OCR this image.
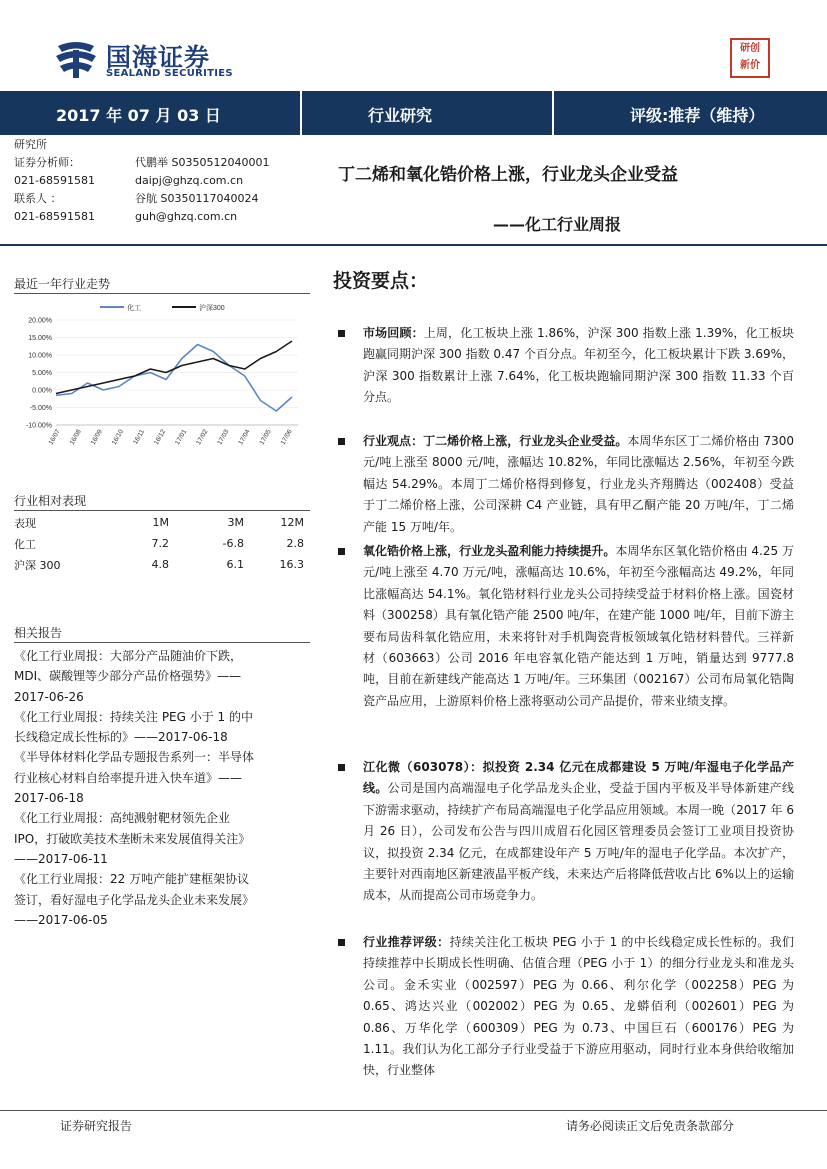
国海证券
SEALAND SECURITIES
研创
新价
2017 年 07 月 03 日	行业研究	评级:推荐（维持）
研究所
证券分析师：	代鹏举 S0350512040001
021-68591581	daipj@ghzq.com.cn
联系人 ：	谷航 S0350117040024
021-68591581	guh@ghzq.com.cn
丁二烯和氧化锆价格上涨，行业龙头企业受益
——化工行业周报
最近一年行业走势
化工	沪深300
20.00%
15.00%
10.00%
5.00%
0.00%
-5.00%
-10.00%
16/07 16/08 16/09 16/10 16/11 16/12 17/01 17/02 17/03 17/04 17/05 17/06
行业相对表现
表现	1M	3M	12M
化工	7.2	-6.8	2.8
沪深 300	4.8	6.1	16.3
相关报告
《化工行业周报：大部分产品随油价下跌，
MDI、碳酸锂等少部分产品价格强势》——
2017-06-26
《化工行业周报：持续关注 PEG 小于 1 的中
长线稳定成长性标的》——2017-06-18
《半导体材料化学品专题报告系列一：半导体
行业核心材料自给率提升进入快车道》——
2017-06-18
《化工行业周报：高纯溅射靶材领先企业
IPO，打破欧美技术垄断未来发展值得关注》
——2017-06-11
《化工行业周报：22 万吨产能扩建框架协议
签订，看好湿电子化学品龙头企业未来发展》
——2017-06-05
投资要点：
市场回顾：上周，化工板块上涨 1.86%，沪深 300 指数上涨 1.39%，化工板块跑赢同期沪深 300 指数 0.47 个百分点。年初至今，化工板块累计下跌 3.69%，沪深 300 指数累计上涨 7.64%，化工板块跑输同期沪深 300 指数 11.33 个百分点。
行业观点：丁二烯价格上涨，行业龙头企业受益。本周华东区丁二烯价格由 7300 元/吨上涨至 8000 元/吨，涨幅达 10.82%，年同比涨幅达 2.56%，年初至今跌幅达 54.29%。本周丁二烯价格得到修复，行业龙头齐翔腾达（002408）受益于丁二烯价格上涨，公司深耕 C4 产业链，具有甲乙酮产能 20 万吨/年，丁二烯产能 15 万吨/年。
氧化锆价格上涨，行业龙头盈利能力持续提升。本周华东区氧化锆价格由 4.25 万元/吨上涨至 4.70 万元/吨，涨幅高达 10.6%，年初至今涨幅高达 49.2%，年同比涨幅高达 54.1%。氧化锆材料行业龙头公司持续受益于材料价格上涨。国瓷材料（300258）具有氧化锆产能 2500 吨/年，在建产能 1000 吨/年，目前下游主要布局齿科氧化锆应用，未来将针对手机陶瓷背板领域氧化锆材料替代。三祥新材（603663）公司 2016 年电容氧化锆产能达到 1 万吨，销量达到 9777.8 吨，目前在新建线产能高达 1 万吨/年。三环集团（002167）公司布局氧化锆陶瓷产品应用，上游原料价格上涨将驱动公司产品提价，带来业绩支撑。
江化微（603078）：拟投资 2.34 亿元在成都建设 5 万吨/年湿电子化学品产线。公司是国内高端湿电子化学品龙头企业，受益于国内平板及半导体新建产线下游需求驱动，持续扩产布局高端湿电子化学品应用领域。本周一晚（2017 年 6 月 26 日），公司发布公告与四川成眉石化园区管理委员会签订工业项目投资协议，拟投资 2.34 亿元，在成都建设年产 5 万吨/年的湿电子化学品。本次扩产，主要针对西南地区新建液晶平板产线，未来达产后将降低营收占比 6%以上的运输成本，从而提高公司市场竞争力。
行业推荐评级：持续关注化工板块 PEG 小于 1 的中长线稳定成长性标的。我们持续推荐中长期成长性明确、估值合理（PEG 小于 1）的细分行业龙头和准龙头公司。金禾实业（002597）PEG 为 0.66、利尔化学（002258）PEG 为 0.65、鸿达兴业（002002）PEG 为 0.65、龙蟒佰利（002601）PEG 为 0.86、万华化学（600309）PEG 为 0.73、中国巨石（600176）PEG 为 1.11。我们认为化工部分子行业受益于下游应用驱动，同时行业本身供给收缩加快，行业整体
证券研究报告	请务必阅读正文后免责条款部分
